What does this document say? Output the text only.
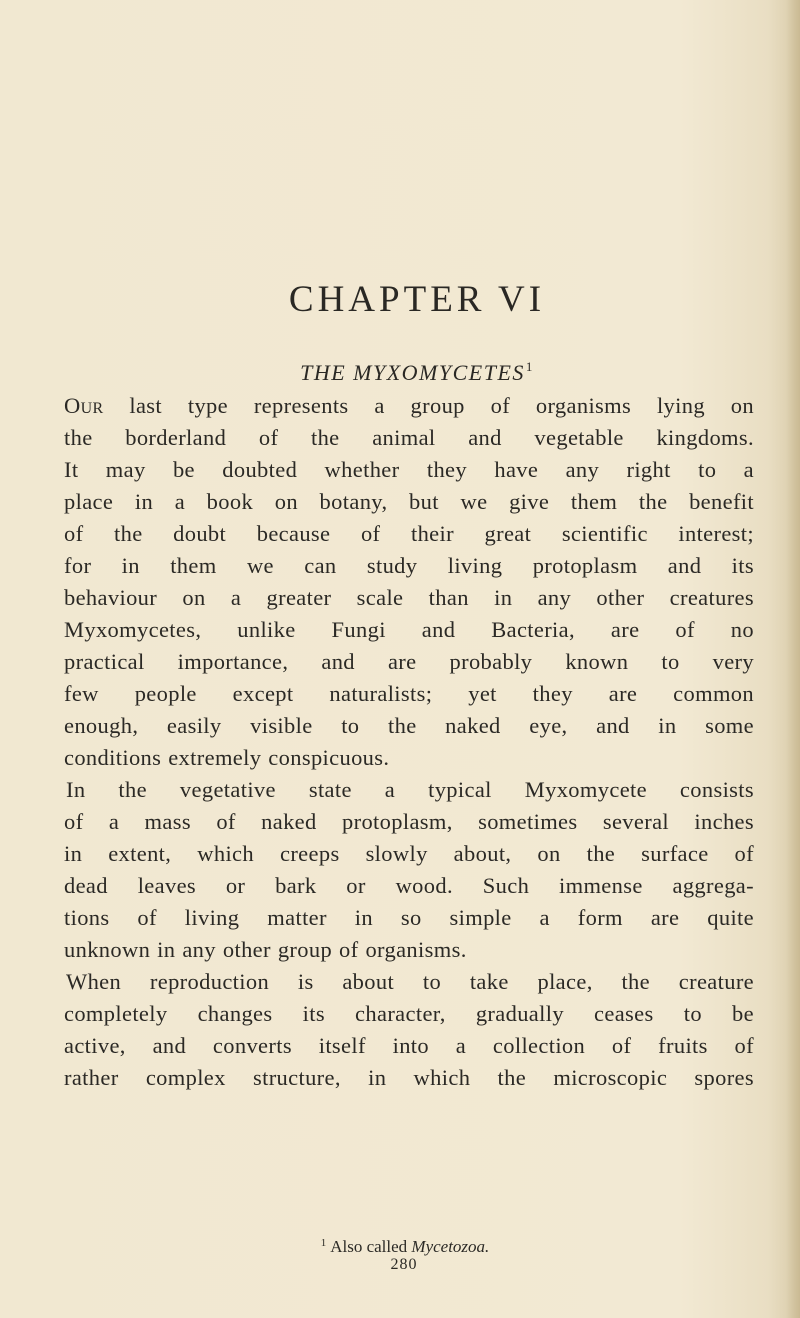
CHAPTER VI
THE MYXOMYCETES$^1$
Our last type represents a group of organisms lying on
the borderland of the animal and vegetable kingdoms.
It may be doubted whether they have any right to a
place in a book on botany, but we give them the benefit
of the doubt because of their great scientific interest;
for in them we can study living protoplasm and its
behaviour on a greater scale than in any other creatures
Myxomycetes, unlike Fungi and Bacteria, are of no
practical importance, and are probably known to very
few people except naturalists; yet they are common
enough, easily visible to the naked eye, and in some
conditions extremely conspicuous.
In the vegetative state a typical Myxomycete consists
of a mass of naked protoplasm, sometimes several inches
in extent, which creeps slowly about, on the surface of
dead leaves or bark or wood. Such immense aggrega-
tions of living matter in so simple a form are quite
unknown in any other group of organisms.
When reproduction is about to take place, the creature
completely changes its character, gradually ceases to be
active, and converts itself into a collection of fruits of
rather complex structure, in which the microscopic spores
$^1$ Also called Mycetozoa.
280
